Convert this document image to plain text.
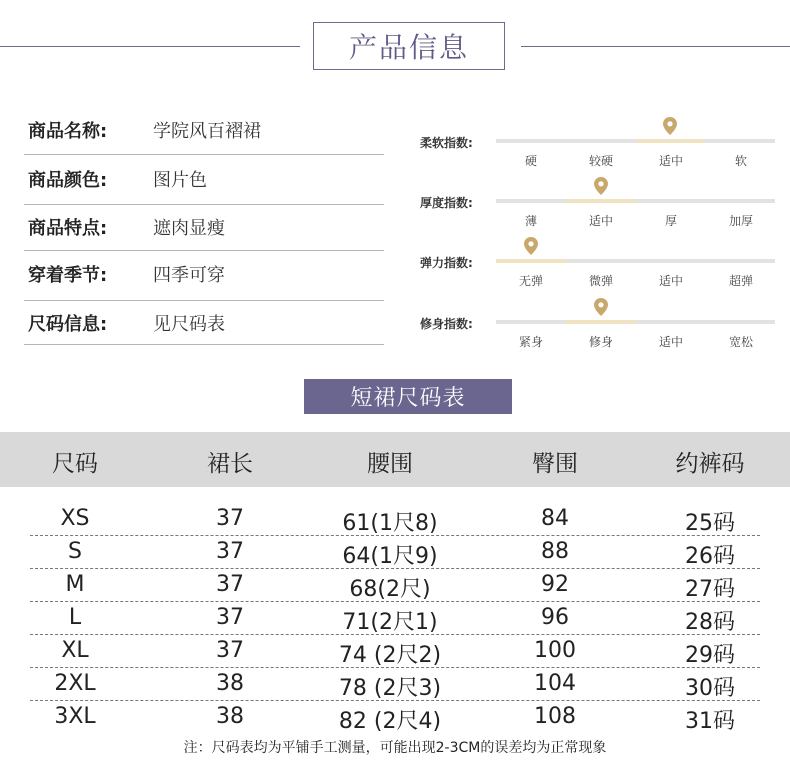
产品信息
商品名称:	学院风百褶裙
商品颜色:	图片色
商品特点:	遮肉显瘦
穿着季节:	四季可穿
尺码信息:	见尺码表
柔软指数:
硬	较硬	适中	软
厚度指数:
薄	适中	厚	加厚
弹力指数:
无弹	微弹	适中	超弹
修身指数:
紧身	修身	适中	宽松
短裙尺码表
尺码	裙长	腰围	臀围	约裤码
XS	37	61(1尺8)	84	25码
S	37	64(1尺9)	88	26码
M	37	68(2尺)	92	27码
L	37	71(2尺1)	96	28码
XL	37	74 (2尺2)	100	29码
2XL	38	78 (2尺3)	104	30码
3XL	38	82 (2尺4)	108	31码
注：尺码表均为平铺手工测量，可能出现2-3CM的误差均为正常现象
